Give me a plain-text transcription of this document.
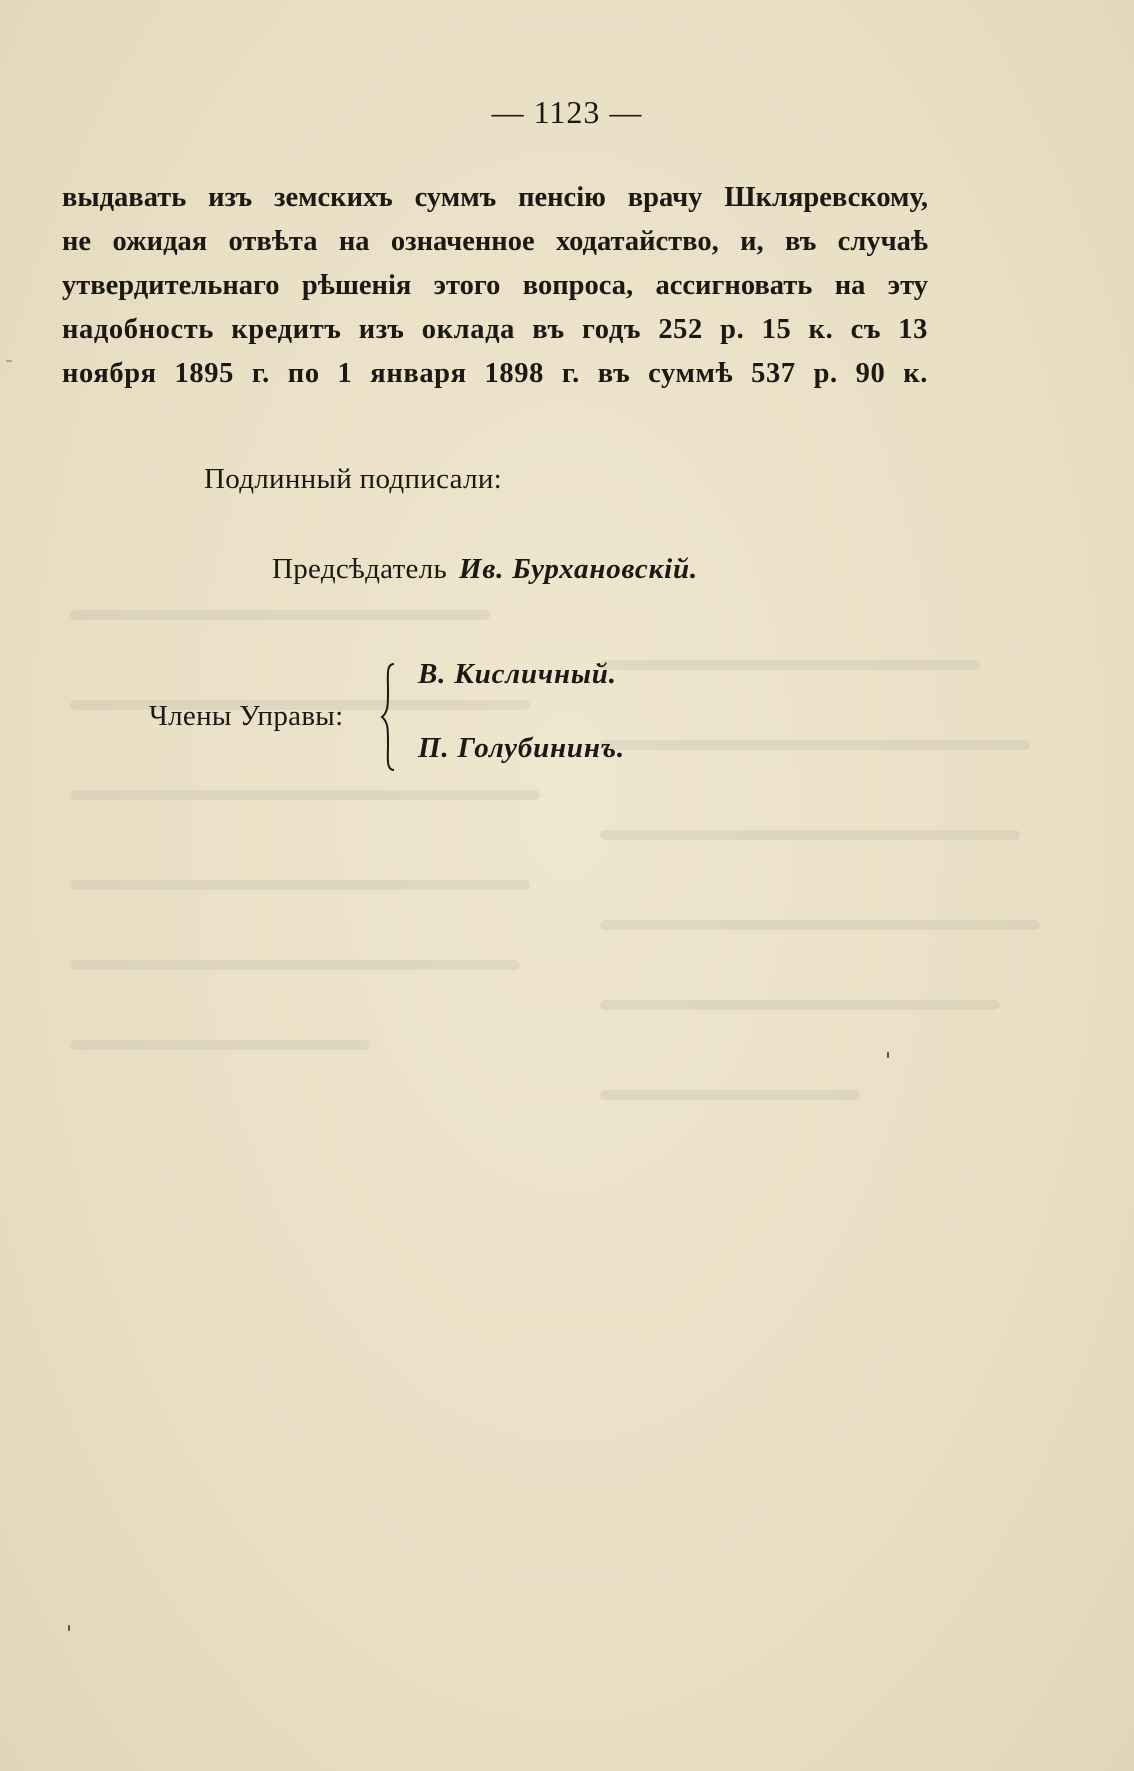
— 1123 —
выдавать изъ земскихъ суммъ пенсію врачу Шкляревскому,
не ожидая отвѣта на означенное ходатайство, и, въ случаѣ
утвердительнаго рѣшенія этого вопроса, ассигновать на эту
надобность кредитъ изъ оклада въ годъ 252 р. 15 к. съ 13
ноября 1895 г. по 1 января 1898 г. въ суммѣ 537 р. 90 к.
Подлинный подписали:
Предсѣдатель Ив. Бурхановскій.
Члены Управы:
В. Кисличный.
П. Голубининъ.
